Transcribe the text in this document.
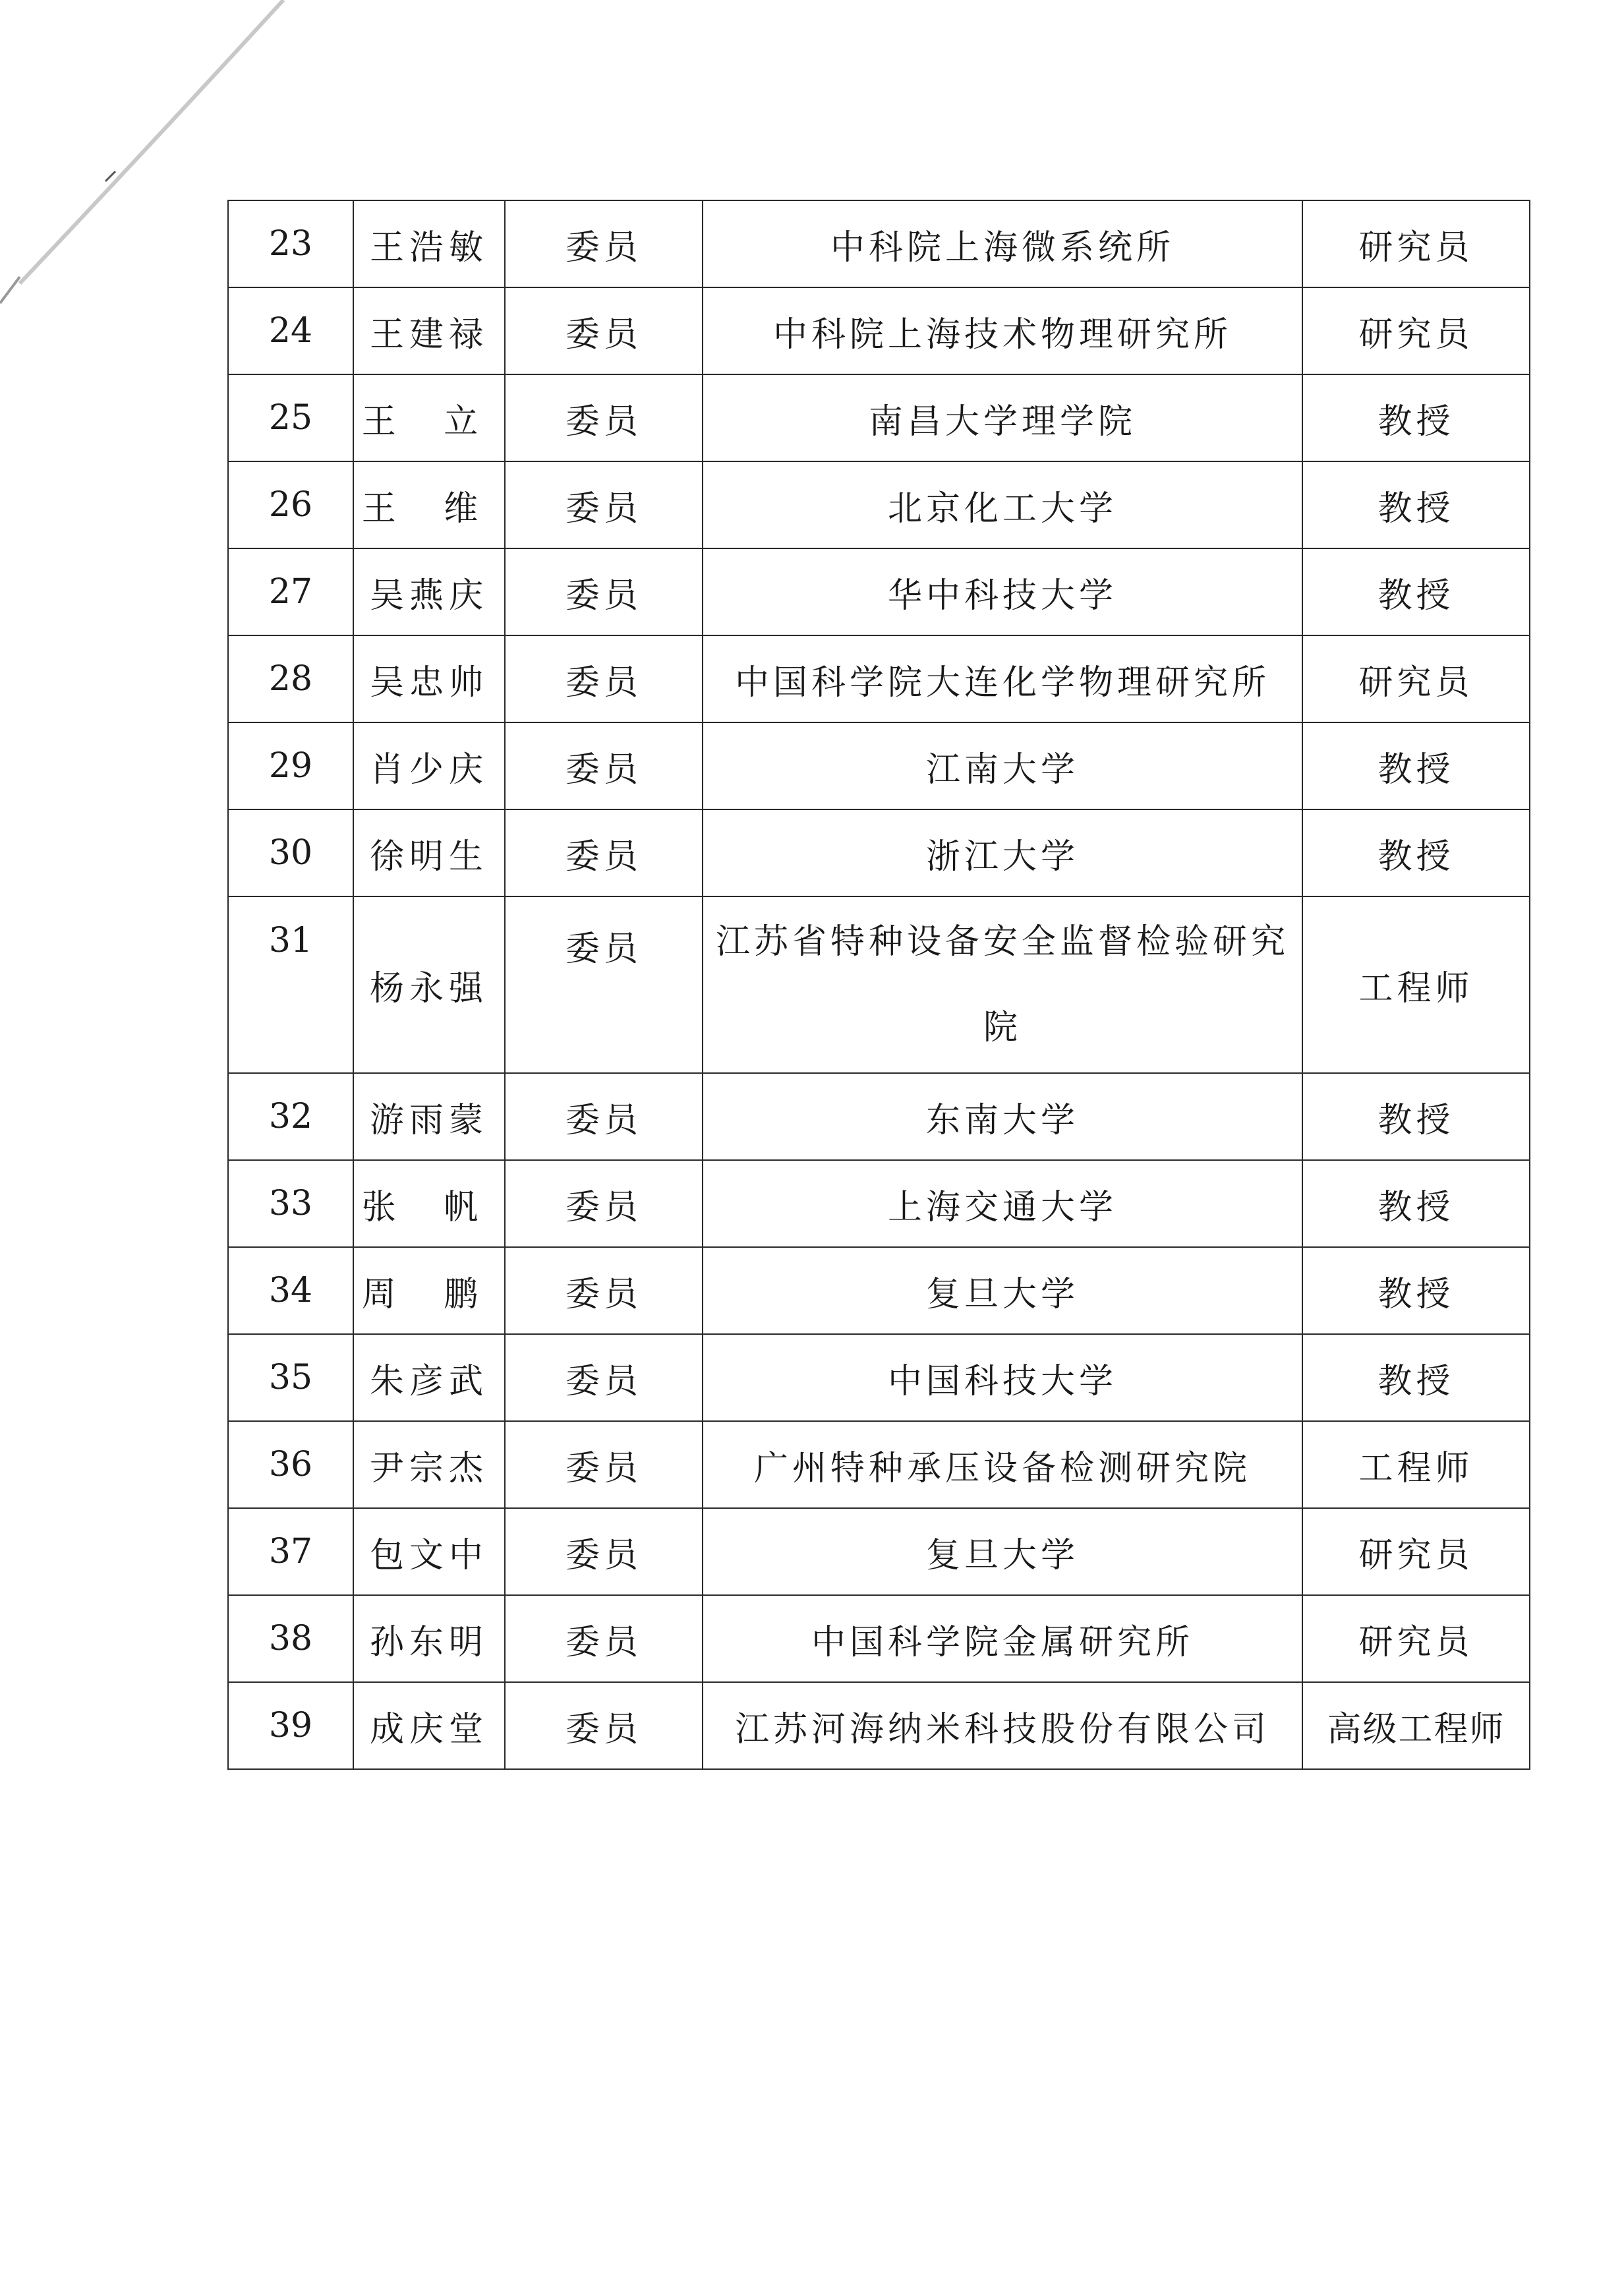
23	王浩敏	委员	中科院上海微系统所	研究员
24	王建禄	委员	中科院上海技术物理研究所	研究员
25	王 立	委员	南昌大学理学院	教授
26	王 维	委员	北京化工大学	教授
27	吴燕庆	委员	华中科技大学	教授
28	吴忠帅	委员	中国科学院大连化学物理研究所	研究员
29	肖少庆	委员	江南大学	教授
30	徐明生	委员	浙江大学	教授
31	杨永强	委员	江苏省特种设备安全监督检验研究院	工程师
32	游雨蒙	委员	东南大学	教授
33	张 帆	委员	上海交通大学	教授
34	周 鹏	委员	复旦大学	教授
35	朱彦武	委员	中国科技大学	教授
36	尹宗杰	委员	广州特种承压设备检测研究院	工程师
37	包文中	委员	复旦大学	研究员
38	孙东明	委员	中国科学院金属研究所	研究员
39	成庆堂	委员	江苏河海纳米科技股份有限公司	高级工程师
